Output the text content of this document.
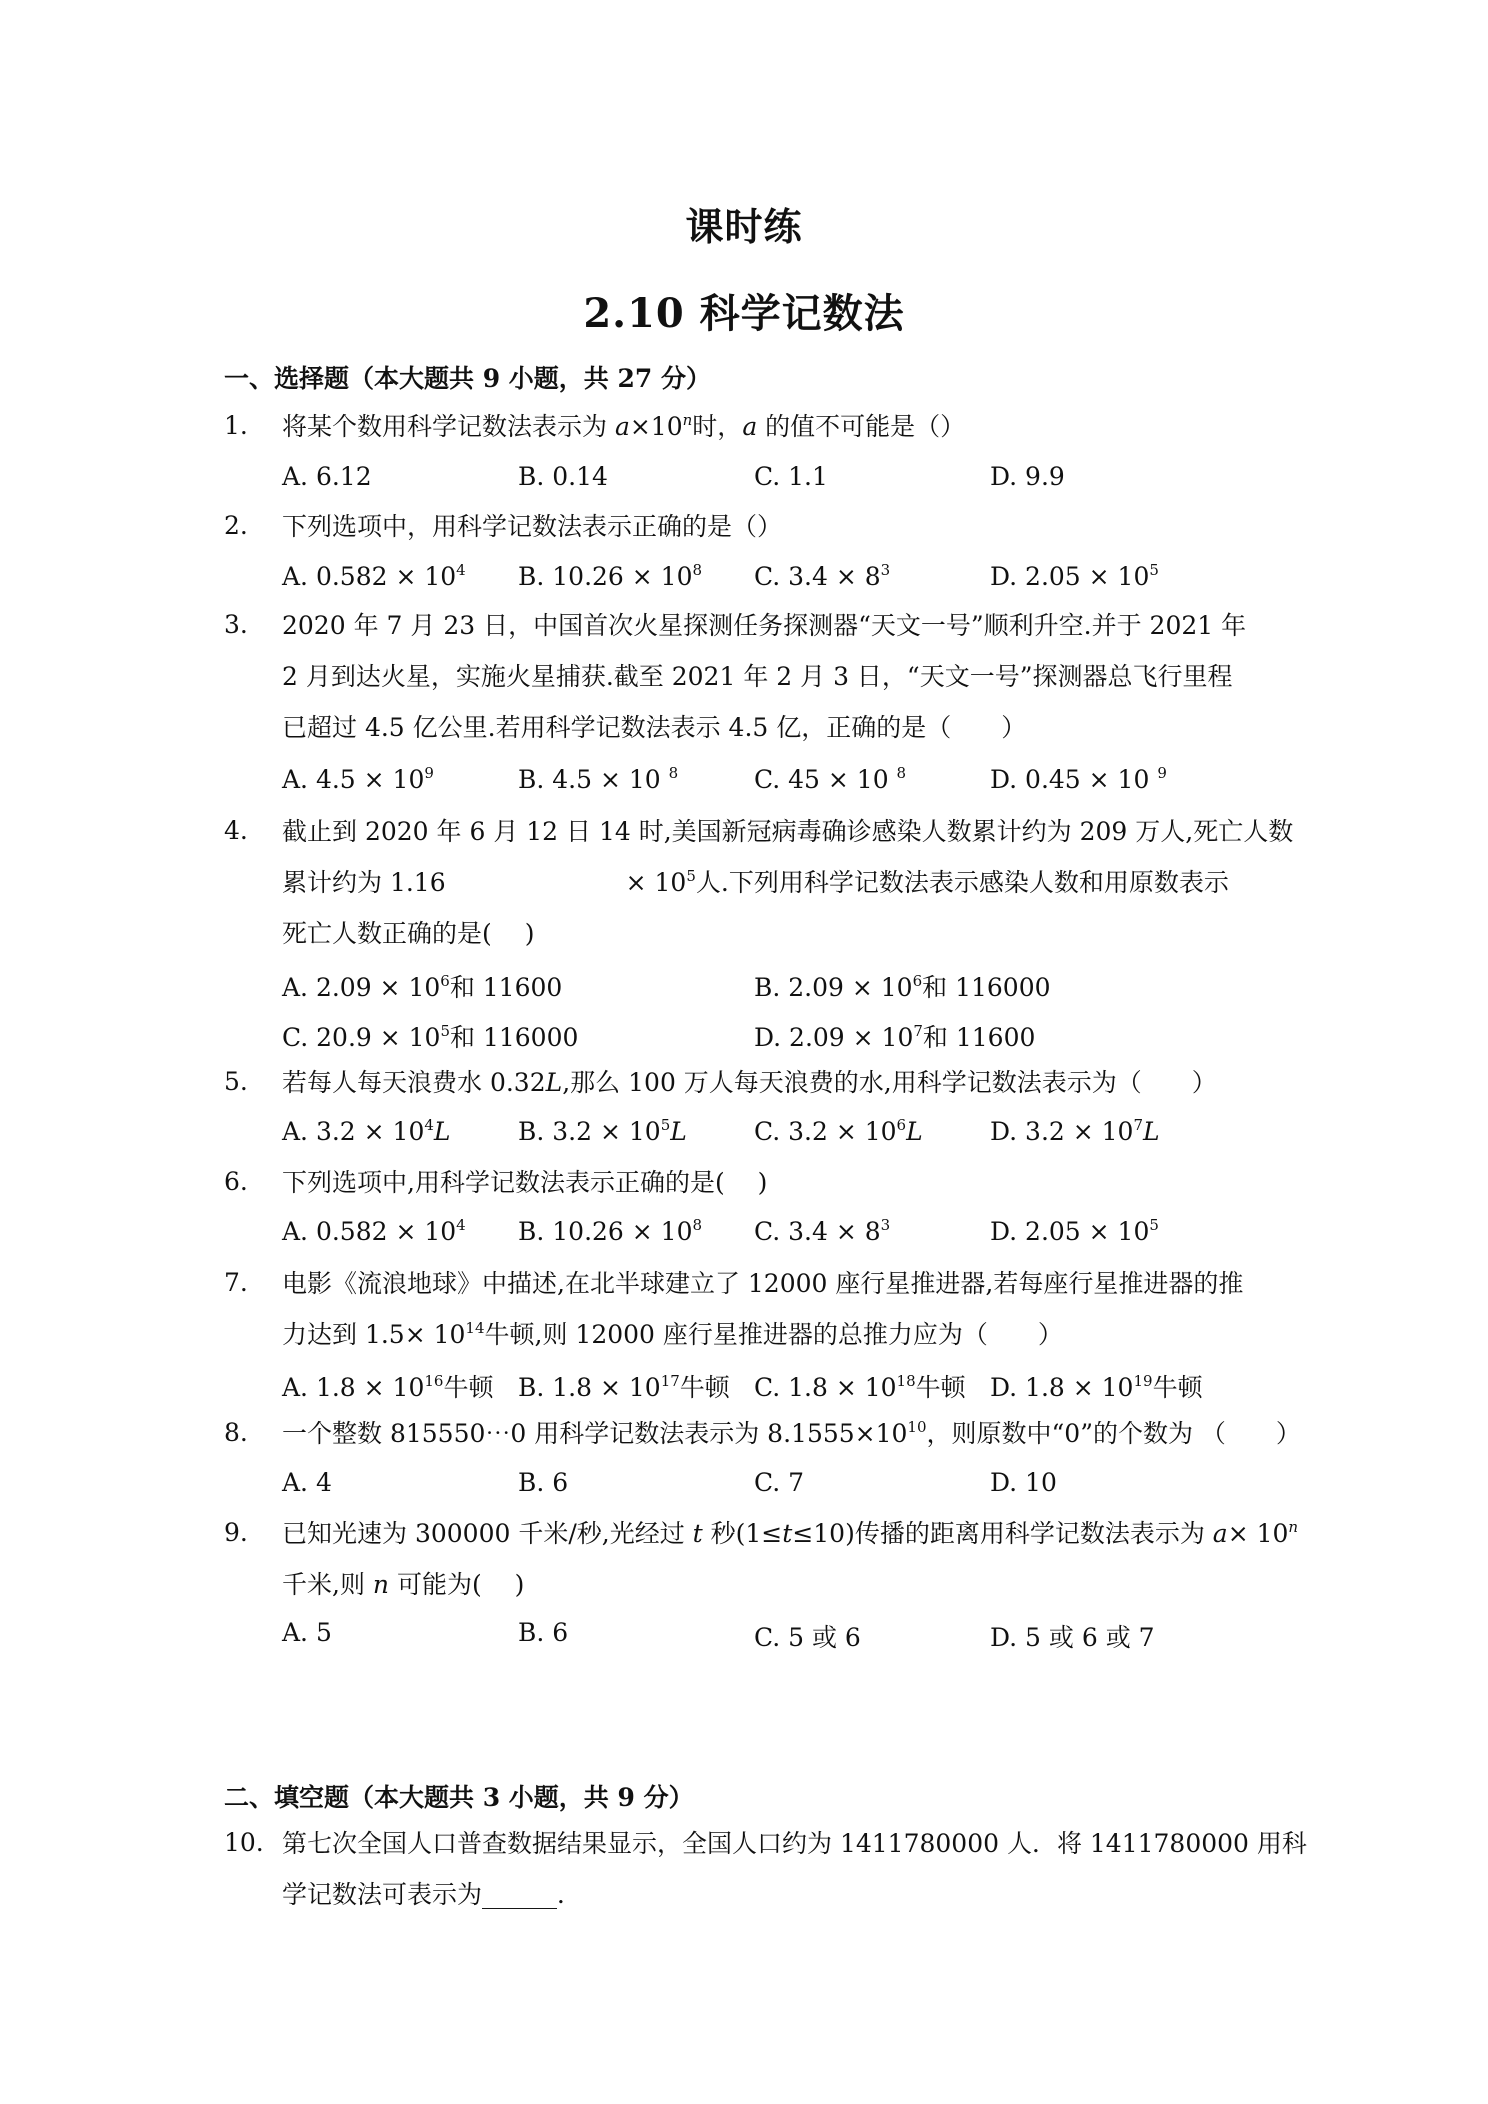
课时练
2.10 科学记数法
一、选择题（本大题共 9 小题，共 27 分）
1. 将某个数用科学记数法表示为 $a\times 10^n$时，a 的值不可能是（）
A. 6.12	B. 0.14	C. 1.1	D. 9.9
2. 下列选项中，用科学记数法表示正确的是（）
A. $0.582 \times 10^4$ B. $10.26 \times 10^8$ C. $3.4 \times 8^3$	D. $2.05 \times 10^5$
3. 2020 年 7 月 23 日，中国首次火星探测任务探测器“天文一号”顺利升空.并于 2021 年
2 月到达火星，实施火星捕获.截至 2021 年 2 月 3 日，“天文一号”探测器总飞行里程
已超过 4.5 亿公里.若用科学记数法表示 4.5 亿，正确的是（　　）
A. $4.5 \times 10^9$	B. 4.5 × 10 $^8$	C. 45 × 10 $^8$	D. 0.45 × 10 $^9$
4. 截止到 2020 年 6 月 12 日 14 时,美国新冠病毒确诊感染人数累计约为 209 万人,死亡人数
累计约为 1.16	× $10^5$人.下列用科学记数法表示感染人数和用原数表示
死亡人数正确的是(　 )
A. $2.09 \times 10^6$和 11600	B. $2.09 \times 10^6$和 116000
C. $20.9 \times 10^5$和 116000	D. $2.09 \times 10^7$和 11600
5. 若每人每天浪费水 0.32L,那么 100 万人每天浪费的水,用科学记数法表示为（　　）
A. $3.2 \times 10^4L$	B. $3.2 \times 10^5L$	C. $3.2 \times 10^6L$	D. $3.2 \times 10^7L$
6. 下列选项中,用科学记数法表示正确的是(　 )
A. $0.582 \times 10^4$ B. $10.26 \times 10^8$ C. $3.4 \times 8^3$	D. $2.05 \times 10^5$
7. 电影《流浪地球》中描述,在北半球建立了 12000 座行星推进器,若每座行星推进器的推
力达到 $1.5\times 10^{14}$牛顿,则 12000 座行星推进器的总推力应为（　　）
A. $1.8 \times 10^{16}$牛顿 B. $1.8 \times 10^{17}$牛顿 C. $1.8 \times 10^{18}$牛顿 D. $1.8 \times 10^{19}$牛顿
8. 一个整数 815550⋯0 用科学记数法表示为 $8.1555\times 10^{10}$，则原数中“0”的个数为 （　　）
A. 4	B. 6	C. 7	D. 10
9. 已知光速为 300000 千米/秒,光经过 t 秒(1≤t≤10)传播的距离用科学记数法表示为 $a\times 10^n$
千米,则 n 可能为(　 )
A. 5	B. 6	C. 5 或 6	D. 5 或 6 或 7
二、填空题（本大题共 3 小题，共 9 分）
10. 第七次全国人口普查数据结果显示，全国人口约为 1411780000 人．将 1411780000 用科
学记数法可表示为______．
